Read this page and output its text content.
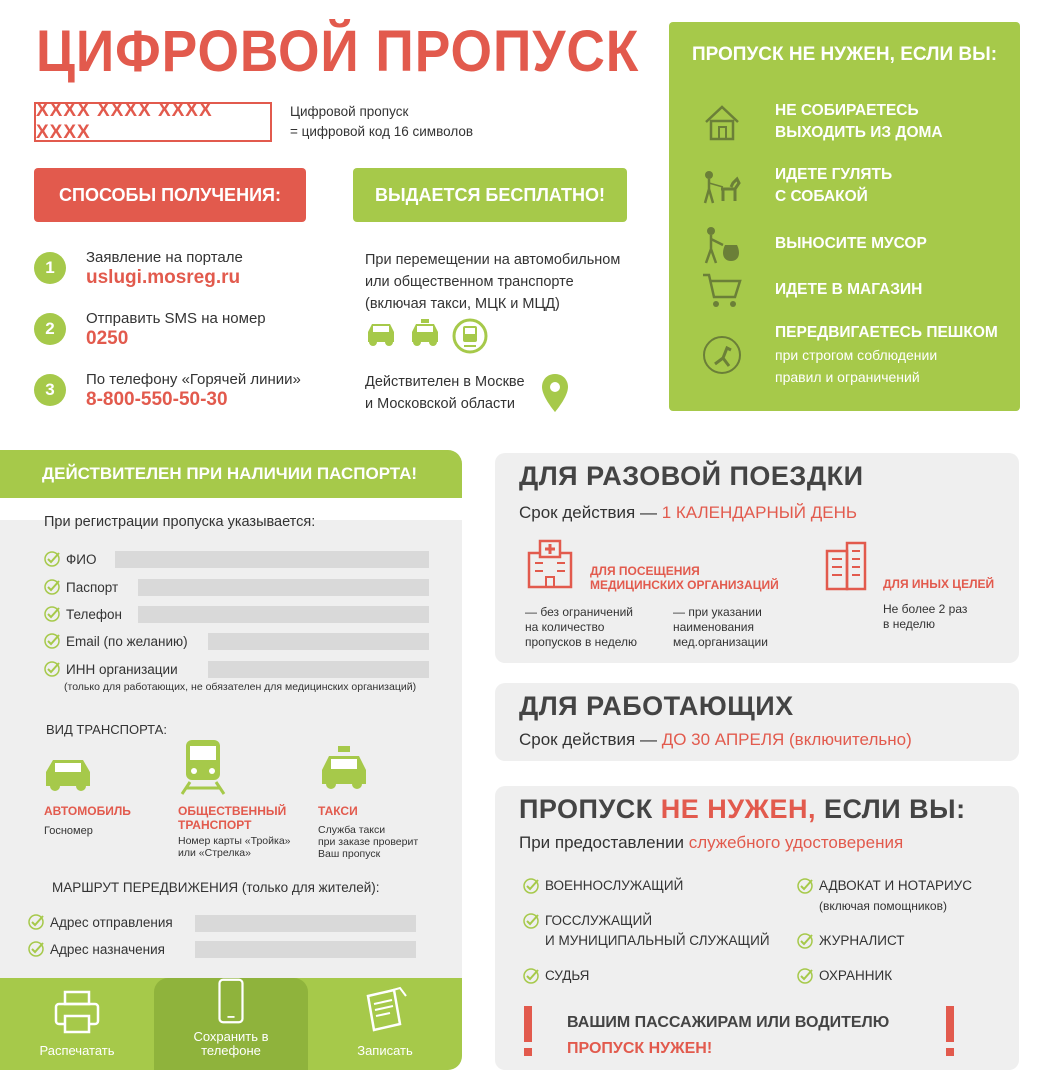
ЦИФРОВОЙ ПРОПУСК
XXXX XXXX XXXX XXXX
Цифровой пропуск
= цифровой код 16 символов
СПОСОБЫ ПОЛУЧЕНИЯ:	ВЫДАЕТСЯ БЕСПЛАТНО!
1
Заявление на портале
uslugi.mosreg.ru
2
Отправить SMS на номер
0250
3
По телефону «Горячей линии»
8-800-550-50-30
При перемещении на автомобильном
или общественном транспорте
(включая такси, МЦК и МЦД)
Действителен в Москве
и Московской области
ПРОПУСК НЕ НУЖЕН, ЕСЛИ ВЫ:
НЕ СОБИРАЕТЕСЬ
ВЫХОДИТЬ ИЗ ДОМА
ИДЕТЕ ГУЛЯТЬ
С СОБАКОЙ
ВЫНОСИТЕ МУСОР
ИДЕТЕ В МАГАЗИН
ПЕРЕДВИГАЕТЕСЬ ПЕШКОМ
при строгом соблюдении
правил и ограничений
ДЕЙСТВИТЕЛЕН ПРИ НАЛИЧИИ ПАСПОРТА!
При регистрации пропуска указывается:
ФИО
Паспорт
Телефон
Email (по желанию)
ИНН организации
(только для работающих, не обязателен для медицинских организаций)
ВИД ТРАНСПОРТА:
АВТОМОБИЛЬ
Госномер
ОБЩЕСТВЕННЫЙ ТРАНСПОРТ
Номер карты «Тройка»
или «Стрелка»
ТАКСИ
Служба такси
при заказе проверит
Ваш пропуск
МАРШРУТ ПЕРЕДВИЖЕНИЯ (только для жителей):
Адрес отправления
Адрес назначения
Распечатать
Сохранить в телефоне	Записать
ДЛЯ РАЗОВОЙ ПОЕЗДКИ
Срок действия — 1 КАЛЕНДАРНЫЙ ДЕНЬ
ДЛЯ ПОСЕЩЕНИЯ
МЕДИЦИНСКИХ ОРГАНИЗАЦИЙ
— без ограничений
на количество
пропусков в неделю
— при указании
наименования
мед.организации
ДЛЯ ИНЫХ ЦЕЛЕЙ
Не более 2 раз
в неделю
ДЛЯ РАБОТАЮЩИХ
Срок действия — ДО 30 АПРЕЛЯ (включительно)
ПРОПУСК НЕ НУЖЕН, ЕСЛИ ВЫ:
При предоставлении служебного удостоверения
ВОЕННОСЛУЖАЩИЙ
ГОССЛУЖАЩИЙ
И МУНИЦИПАЛЬНЫЙ СЛУЖАЩИЙ
СУДЬЯ
АДВОКАТ И НОТАРИУС
(включая помощников)
ЖУРНАЛИСТ
ОХРАННИК
ВАШИМ ПАССАЖИРАМ ИЛИ ВОДИТЕЛЮ
ПРОПУСК НУЖЕН!
